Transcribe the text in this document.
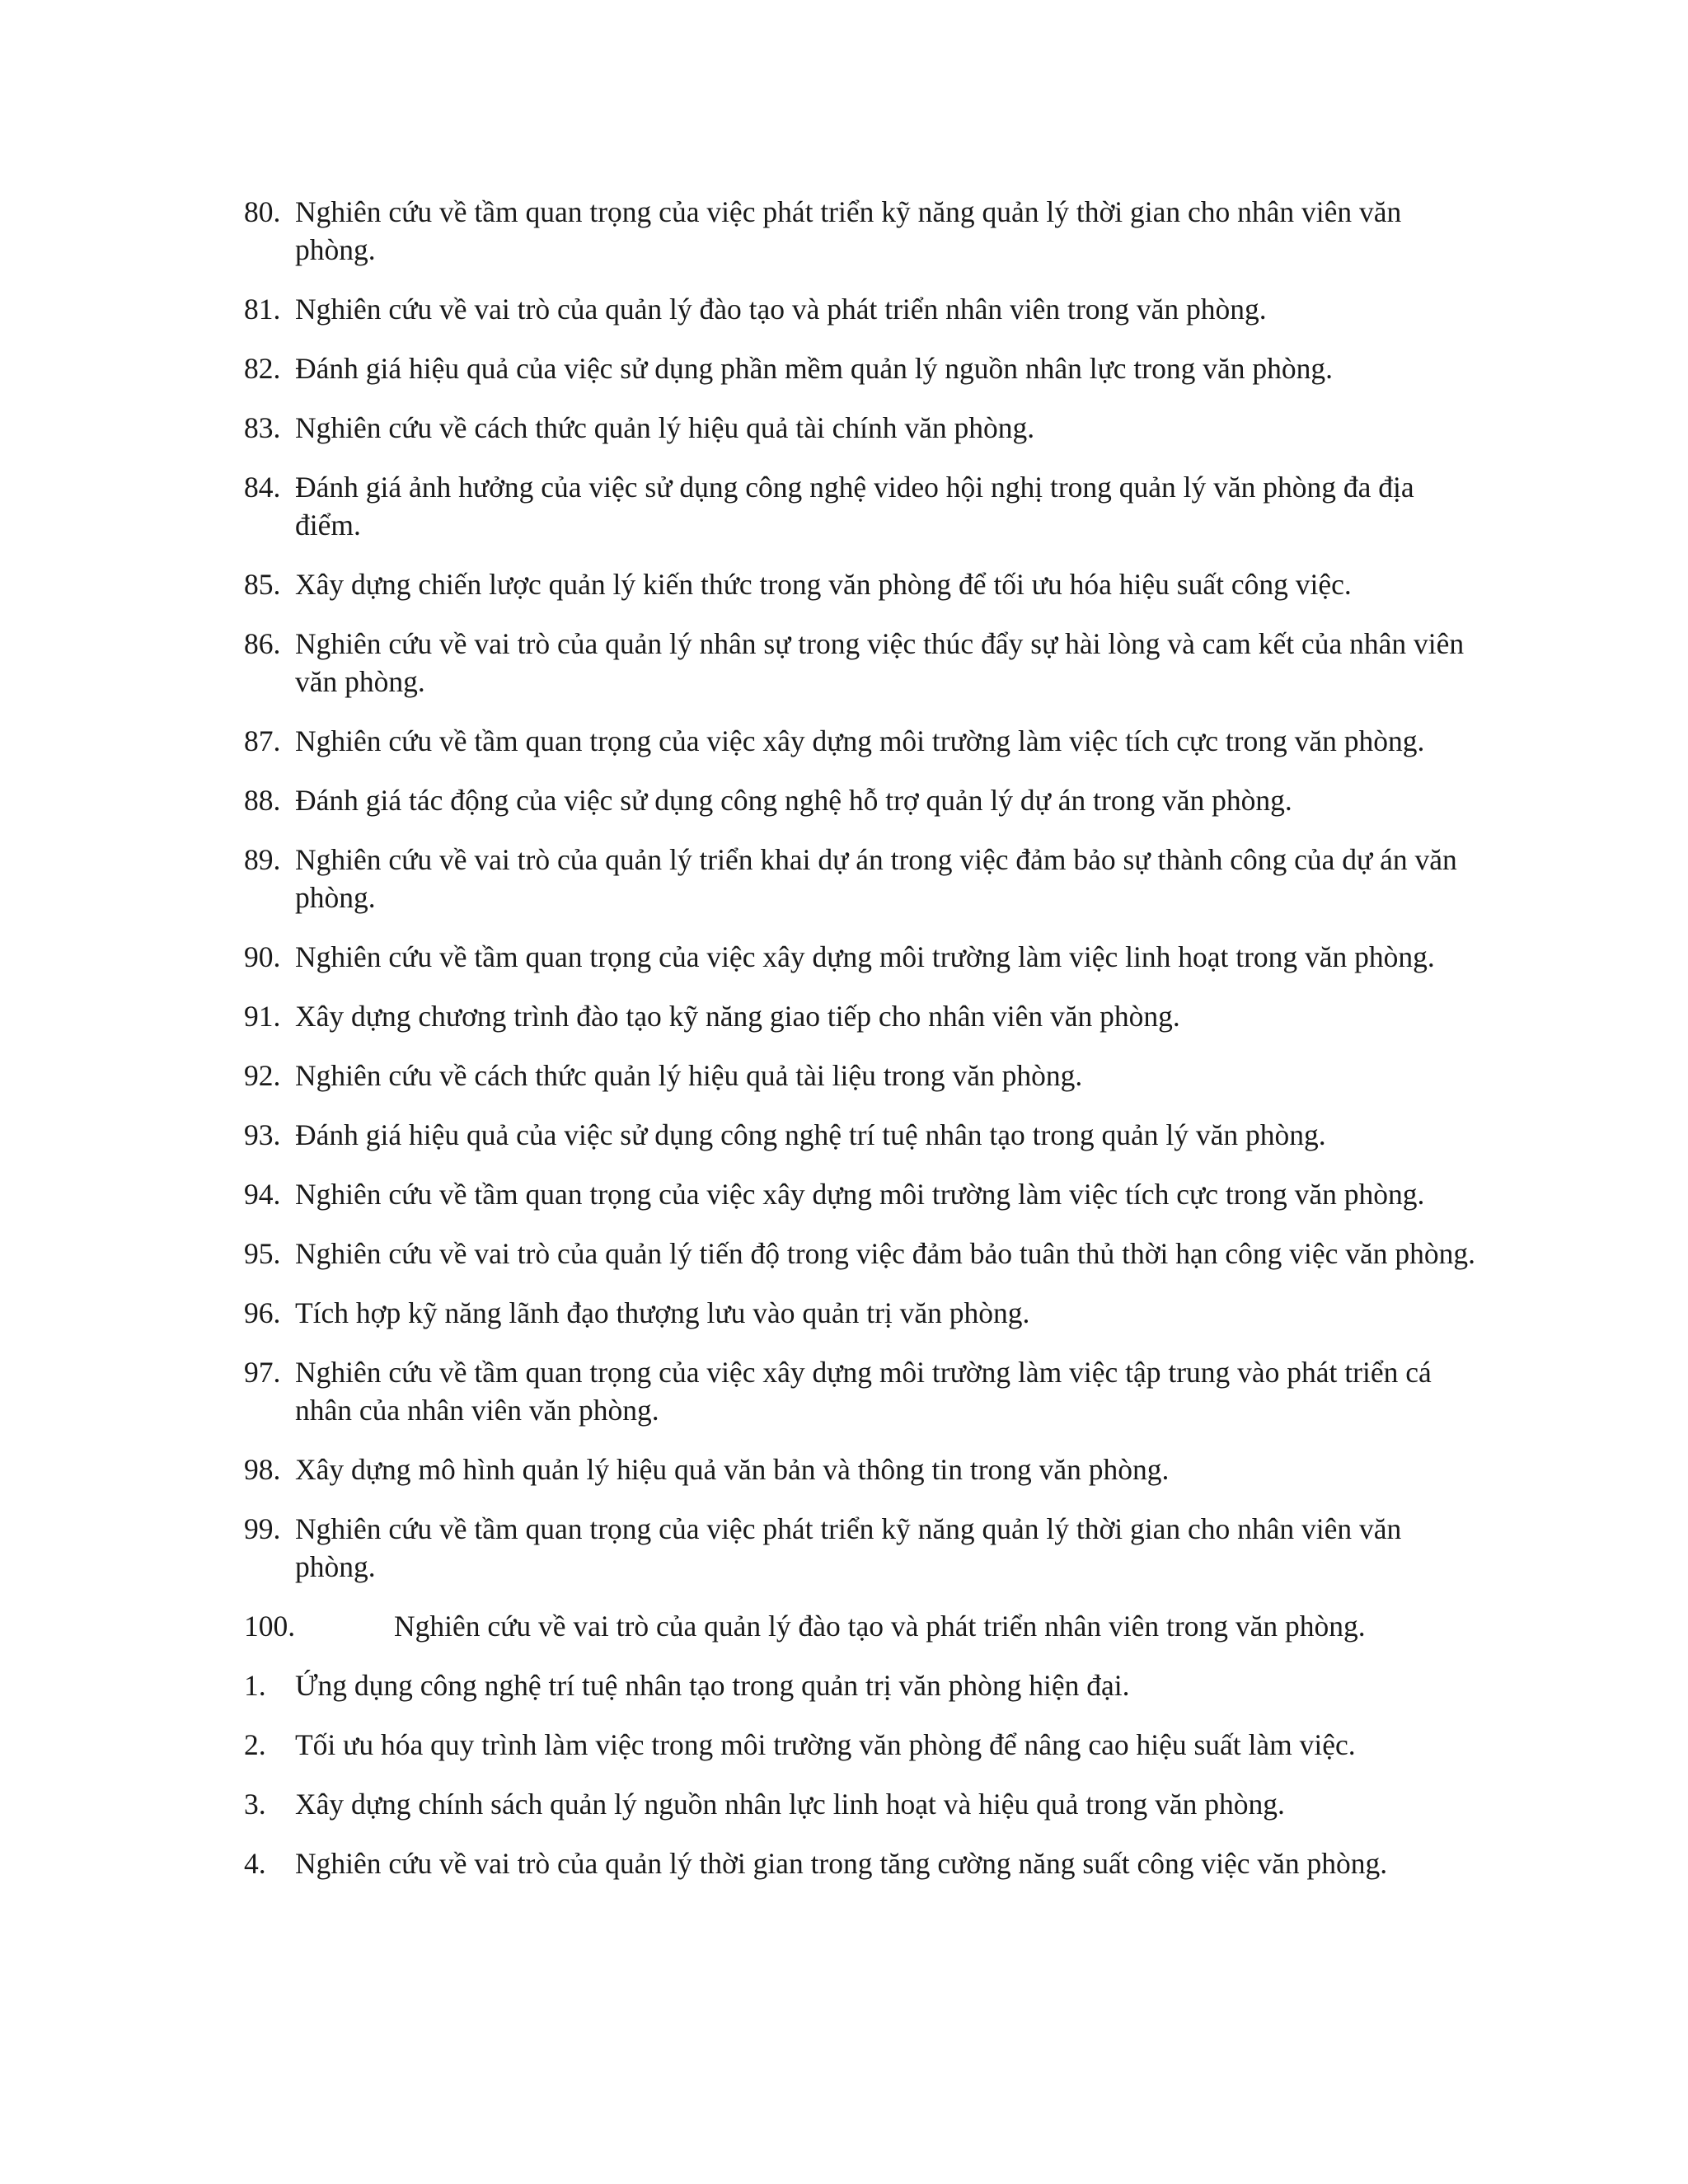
80. Nghiên cứu về tầm quan trọng của việc phát triển kỹ năng quản lý thời gian cho nhân viên văn phòng.
81. Nghiên cứu về vai trò của quản lý đào tạo và phát triển nhân viên trong văn phòng.
82. Đánh giá hiệu quả của việc sử dụng phần mềm quản lý nguồn nhân lực trong văn phòng.
83. Nghiên cứu về cách thức quản lý hiệu quả tài chính văn phòng.
84. Đánh giá ảnh hưởng của việc sử dụng công nghệ video hội nghị trong quản lý văn phòng đa địa điểm.
85. Xây dựng chiến lược quản lý kiến thức trong văn phòng để tối ưu hóa hiệu suất công việc.
86. Nghiên cứu về vai trò của quản lý nhân sự trong việc thúc đẩy sự hài lòng và cam kết của nhân viên văn phòng.
87. Nghiên cứu về tầm quan trọng của việc xây dựng môi trường làm việc tích cực trong văn phòng.
88. Đánh giá tác động của việc sử dụng công nghệ hỗ trợ quản lý dự án trong văn phòng.
89. Nghiên cứu về vai trò của quản lý triển khai dự án trong việc đảm bảo sự thành công của dự án văn phòng.
90. Nghiên cứu về tầm quan trọng của việc xây dựng môi trường làm việc linh hoạt trong văn phòng.
91. Xây dựng chương trình đào tạo kỹ năng giao tiếp cho nhân viên văn phòng.
92. Nghiên cứu về cách thức quản lý hiệu quả tài liệu trong văn phòng.
93. Đánh giá hiệu quả của việc sử dụng công nghệ trí tuệ nhân tạo trong quản lý văn phòng.
94. Nghiên cứu về tầm quan trọng của việc xây dựng môi trường làm việc tích cực trong văn phòng.
95. Nghiên cứu về vai trò của quản lý tiến độ trong việc đảm bảo tuân thủ thời hạn công việc văn phòng.
96. Tích hợp kỹ năng lãnh đạo thượng lưu vào quản trị văn phòng.
97. Nghiên cứu về tầm quan trọng của việc xây dựng môi trường làm việc tập trung vào phát triển cá nhân của nhân viên văn phòng.
98. Xây dựng mô hình quản lý hiệu quả văn bản và thông tin trong văn phòng.
99. Nghiên cứu về tầm quan trọng của việc phát triển kỹ năng quản lý thời gian cho nhân viên văn phòng.
100.	Nghiên cứu về vai trò của quản lý đào tạo và phát triển nhân viên trong văn phòng.
1. Ứng dụng công nghệ trí tuệ nhân tạo trong quản trị văn phòng hiện đại.
2. Tối ưu hóa quy trình làm việc trong môi trường văn phòng để nâng cao hiệu suất làm việc.
3. Xây dựng chính sách quản lý nguồn nhân lực linh hoạt và hiệu quả trong văn phòng.
4. Nghiên cứu về vai trò của quản lý thời gian trong tăng cường năng suất công việc văn phòng.
